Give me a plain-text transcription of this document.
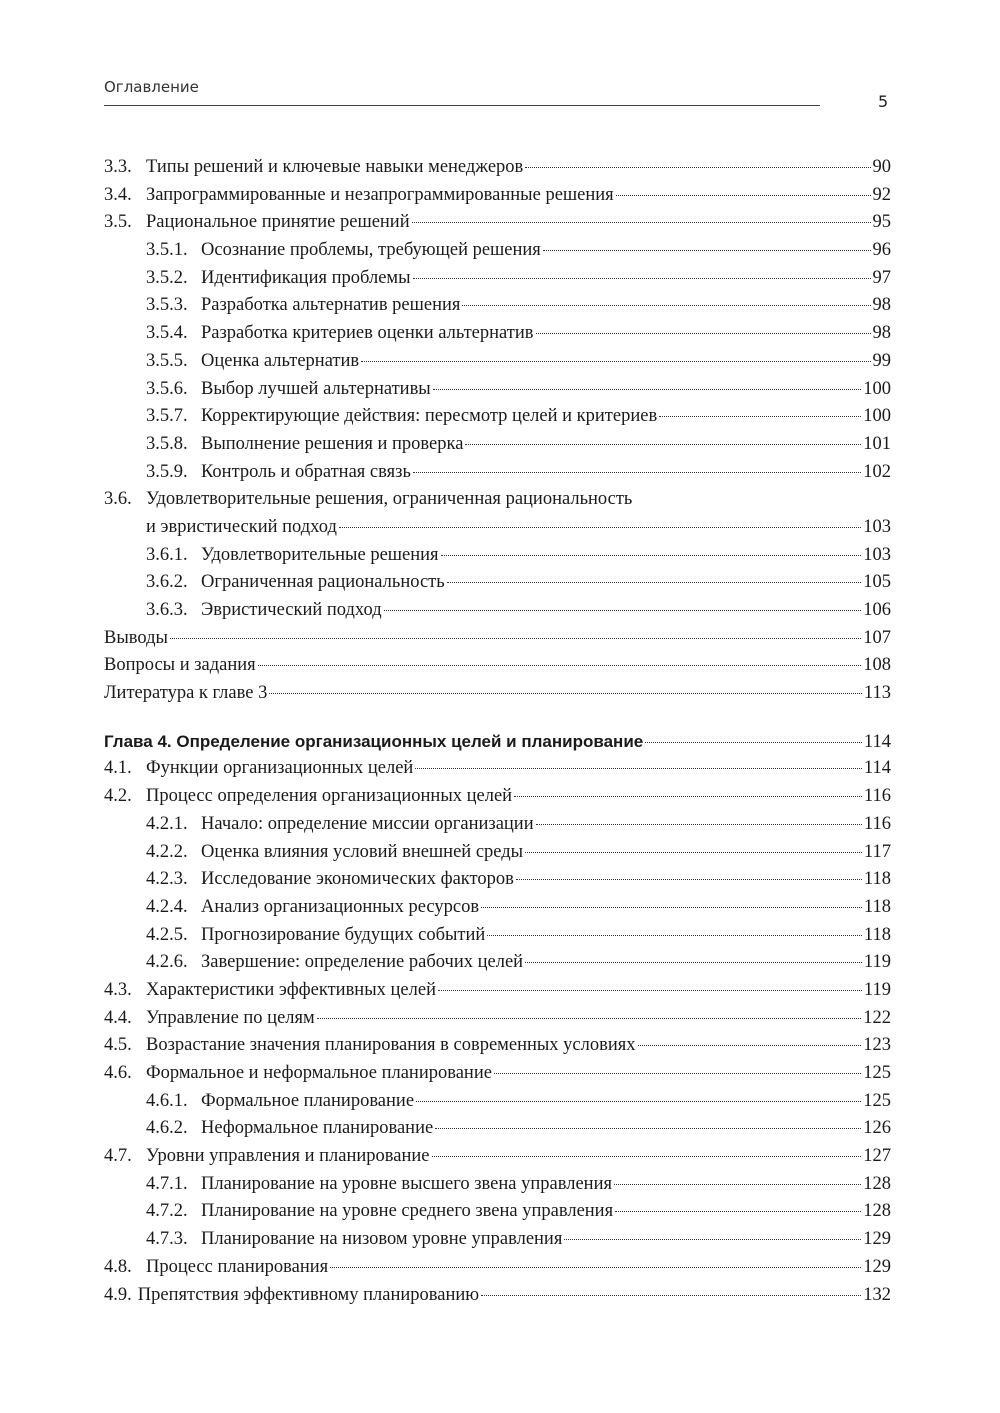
Оглавление
5
3.3. Типы решений и ключевые навыки менеджеров	90
3.4. Запрограммированные и незапрограммированные решения	92
3.5. Рациональное принятие решений	95
3.5.1. Осознание проблемы, требующей решения	96
3.5.2. Идентификация проблемы	97
3.5.3. Разработка альтернатив решения	98
3.5.4. Разработка критериев оценки альтернатив	98
3.5.5. Оценка альтернатив	99
3.5.6. Выбор лучшей альтернативы	100
3.5.7. Корректирующие действия: пересмотр целей и критериев	100
3.5.8. Выполнение решения и проверка	101
3.5.9. Контроль и обратная связь	102
3.6. Удовлетворительные решения, ограниченная рациональность
и эвристический подход	103
3.6.1. Удовлетворительные решения	103
3.6.2. Ограниченная рациональность	105
3.6.3. Эвристический подход	106
Выводы	107
Вопросы и задания	108
Литература к главе 3	113
Глава 4. Определение организационных целей и планирование	114
4.1. Функции организационных целей	114
4.2. Процесс определения организационных целей	116
4.2.1. Начало: определение миссии организации	116
4.2.2. Оценка влияния условий внешней среды	117
4.2.3. Исследование экономических факторов	118
4.2.4. Анализ организационных ресурсов	118
4.2.5. Прогнозирование будущих событий	118
4.2.6. Завершение: определение рабочих целей	119
4.3. Характеристики эффективных целей	119
4.4. Управление по целям	122
4.5. Возрастание значения планирования в современных условиях	123
4.6. Формальное и неформальное планирование	125
4.6.1. Формальное планирование	125
4.6.2. Неформальное планирование	126
4.7. Уровни управления и планирование	127
4.7.1. Планирование на уровне высшего звена управления	128
4.7.2. Планирование на уровне среднего звена управления	128
4.7.3. Планирование на низовом уровне управления	129
4.8. Процесс планирования	129
4.9. Препятствия эффективному планированию	132
